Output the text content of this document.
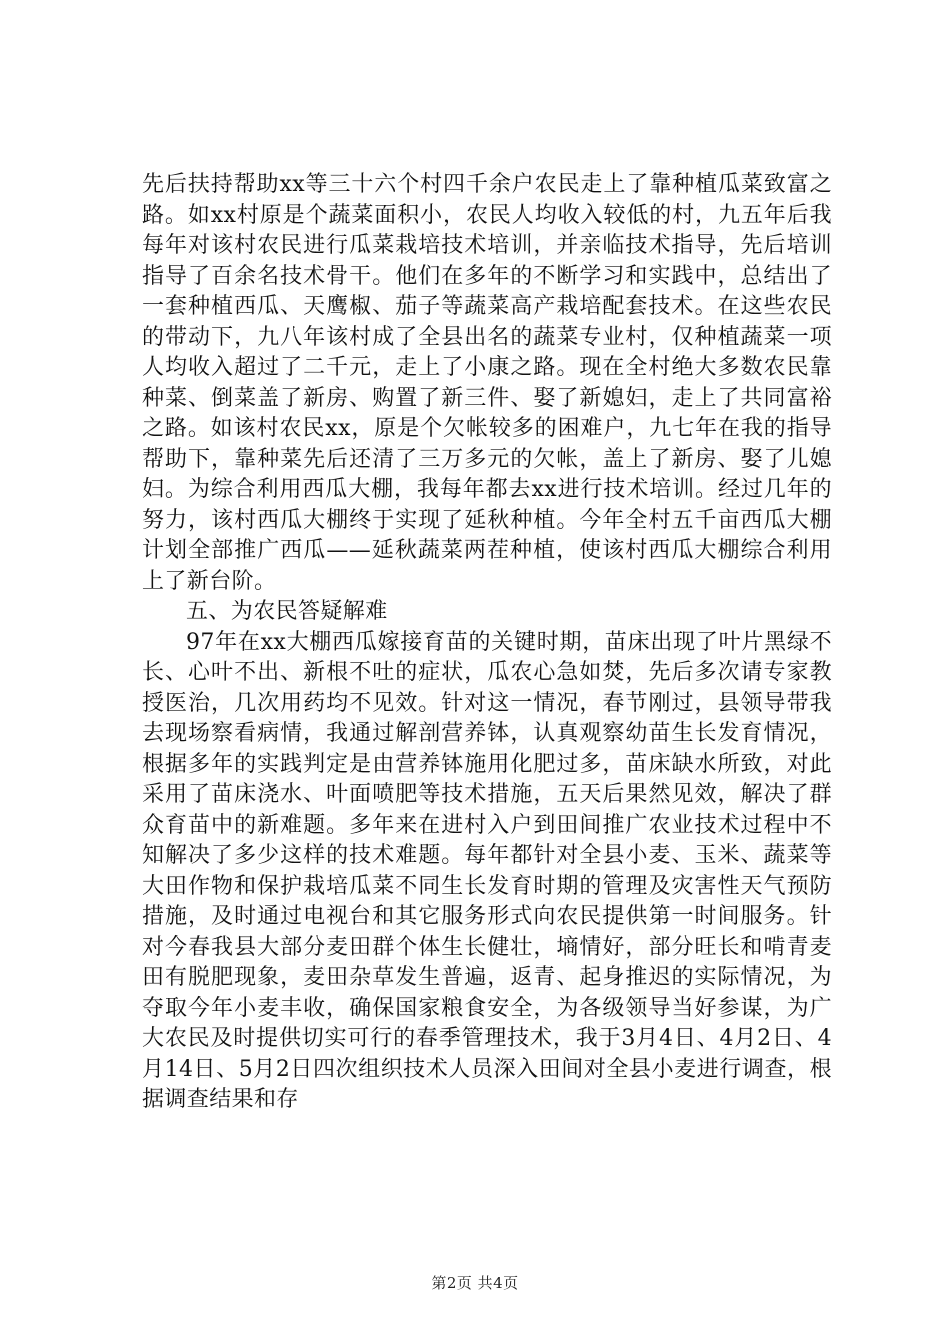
先后扶持帮助xx等三十六个村四千余户农民走上了靠种植瓜菜致富之路。如xx村原是个蔬菜面积小，农民人均收入较低的村，九五年后我每年对该村农民进行瓜菜栽培技术培训，并亲临技术指导，先后培训指导了百余名技术骨干。他们在多年的不断学习和实践中，总结出了一套种植西瓜、天鹰椒、茄子等蔬菜高产栽培配套技术。在这些农民的带动下，九八年该村成了全县出名的蔬菜专业村，仅种植蔬菜一项人均收入超过了二千元，走上了小康之路。现在全村绝大多数农民靠种菜、倒菜盖了新房、购置了新三件、娶了新媳妇，走上了共同富裕之路。如该村农民xx，原是个欠帐较多的困难户，九七年在我的指导帮助下，靠种菜先后还清了三万多元的欠帐，盖上了新房、娶了儿媳妇。为综合利用西瓜大棚，我每年都去xx进行技术培训。经过几年的努力，该村西瓜大棚终于实现了延秋种植。今年全村五千亩西瓜大棚计划全部推广西瓜——延秋蔬菜两茬种植，使该村西瓜大棚综合利用上了新台阶。

五、为农民答疑解难

97年在xx大棚西瓜嫁接育苗的关键时期，苗床出现了叶片黑绿不长、心叶不出、新根不吐的症状，瓜农心急如焚，先后多次请专家教授医治，几次用药均不见效。针对这一情况，春节刚过，县领导带我去现场察看病情，我通过解剖营养钵，认真观察幼苗生长发育情况，根据多年的实践判定是由营养钵施用化肥过多，苗床缺水所致，对此采用了苗床浇水、叶面喷肥等技术措施，五天后果然见效，解决了群众育苗中的新难题。多年来在进村入户到田间推广农业技术过程中不知解决了多少这样的技术难题。每年都针对全县小麦、玉米、蔬菜等大田作物和保护栽培瓜菜不同生长发育时期的管理及灾害性天气预防措施，及时通过电视台和其它服务形式向农民提供第一时间服务。针对今春我县大部分麦田群个体生长健壮，墒情好，部分旺长和啃青麦田有脱肥现象，麦田杂草发生普遍，返青、起身推迟的实际情况，为夺取今年小麦丰收，确保国家粮食安全，为各级领导当好参谋，为广大农民及时提供切实可行的春季管理技术，我于3月4日、4月2日、4月14日、5月2日四次组织技术人员深入田间对全县小麦进行调查，根据调查结果和存

第2页 共4页
